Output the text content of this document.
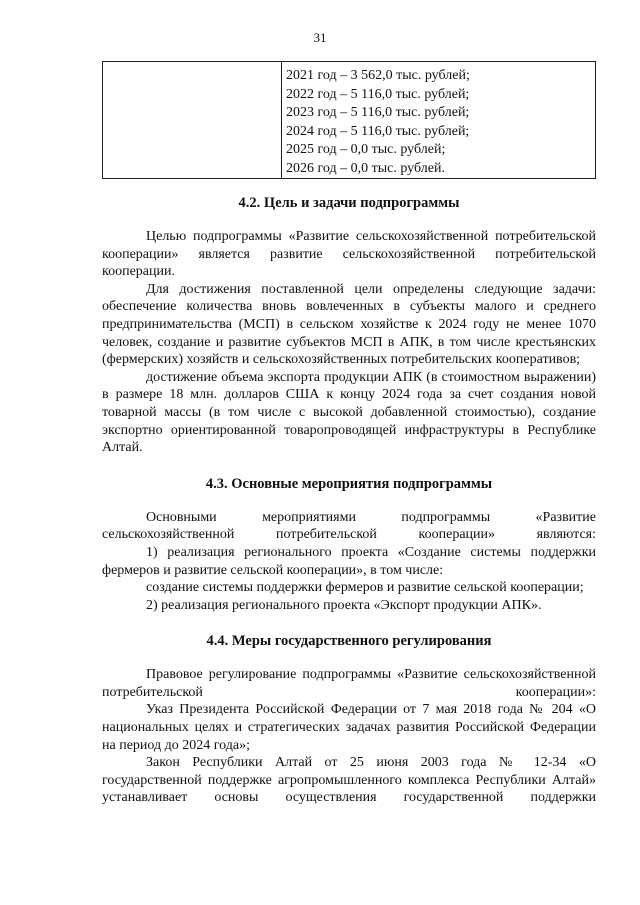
31

2021 год – 3 562,0 тыс. рублей;
2022 год – 5 116,0 тыс. рублей;
2023 год – 5 116,0 тыс. рублей;
2024 год – 5 116,0 тыс. рублей;
2025 год – 0,0 тыс. рублей;
2026 год – 0,0 тыс. рублей.
4.2. Цель и задачи подпрограммы

Целью подпрограммы «Развитие сельскохозяйственной потребительской кооперации» является развитие сельскохозяйственной потребительской кооперации.

Для достижения поставленной цели определены следующие задачи: обеспечение количества вновь вовлеченных в субъекты малого и среднего предпринимательства (МСП) в сельском хозяйстве к 2024 году не менее 1070 человек, создание и развитие субъектов МСП в АПК, в том числе крестьянских (фермерских) хозяйств и сельскохозяйственных потребительских кооперативов;

достижение объема экспорта продукции АПК (в стоимостном выражении) в размере 18 млн. долларов США к концу 2024 года за счет создания новой товарной массы (в том числе с высокой добавленной стоимостью), создание экспортно ориентированной товаропроводящей инфраструктуры в Республике Алтай.

4.3. Основные мероприятия подпрограммы

Основными мероприятиями подпрограммы «Развитие сельскохозяйственной потребительской кооперации» являются:

1) реализация регионального проекта «Создание системы поддержки фермеров и развитие сельской кооперации», в том числе:

создание системы поддержки фермеров и развитие сельской кооперации;

2) реализация регионального проекта «Экспорт продукции АПК».

4.4. Меры государственного регулирования

Правовое регулирование подпрограммы «Развитие сельскохозяйственной потребительской кооперации»:

Указ Президента Российской Федерации от 7 мая 2018 года № 204 «О национальных целях и стратегических задачах развития Российской Федерации на период до 2024 года»;

Закон Республики Алтай от 25 июня 2003 года № 12-34 «О государственной поддержке агропромышленного комплекса Республики Алтай» устанавливает основы осуществления государственной поддержки
